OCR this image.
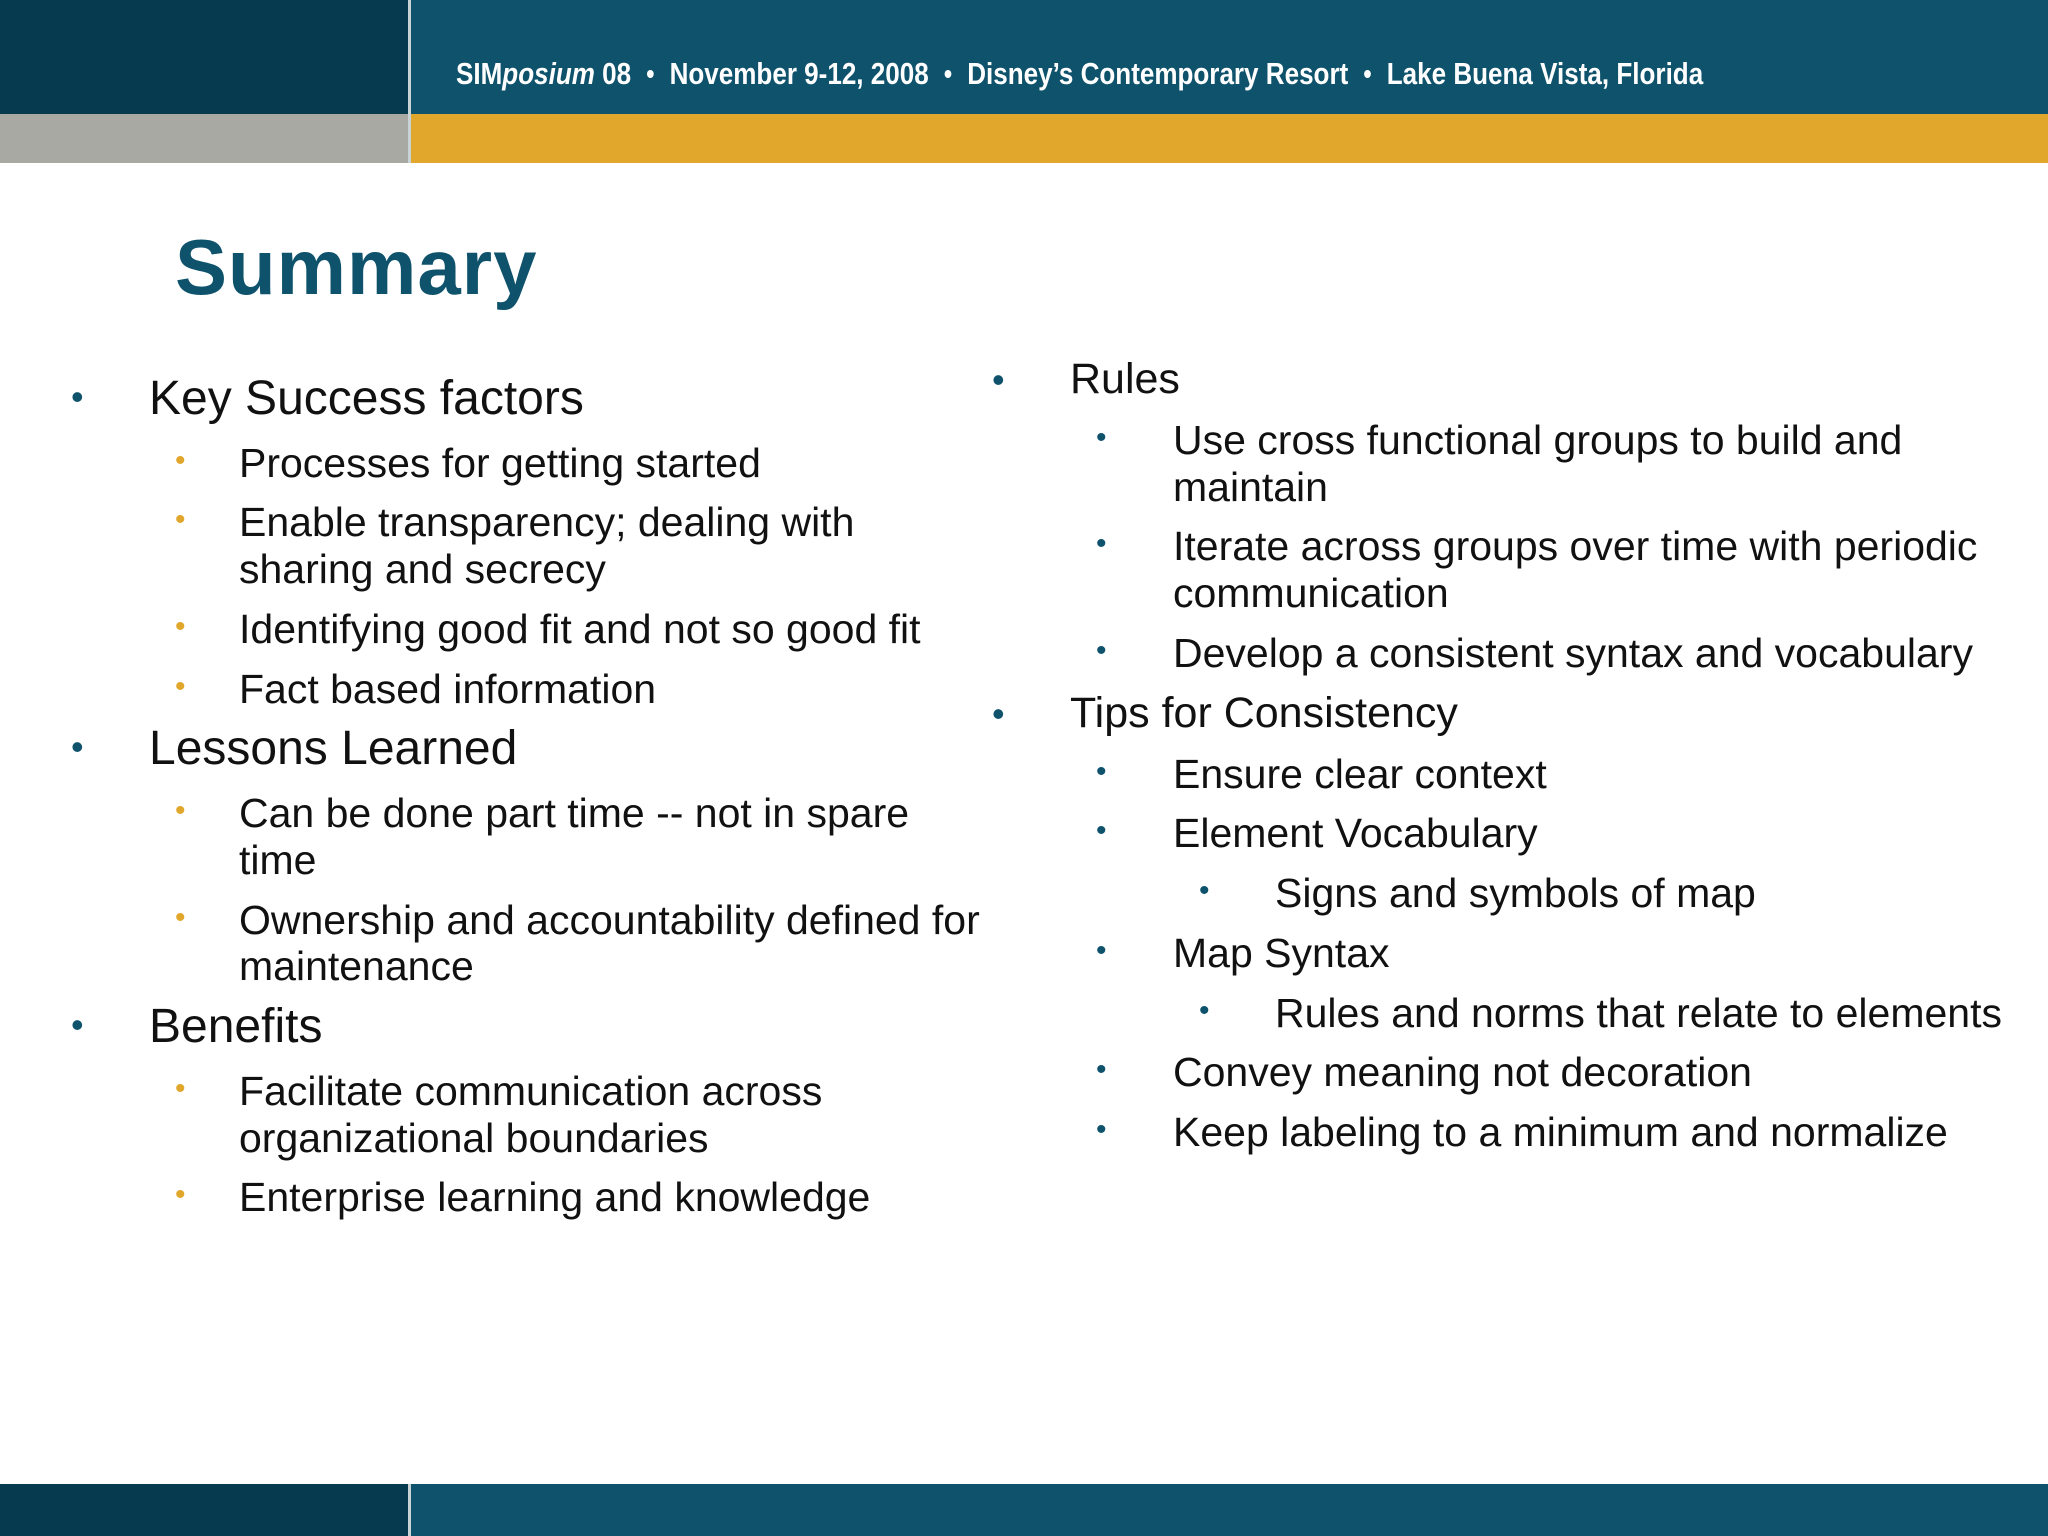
SIMposium 08 • November 9-12, 2008 • Disney’s Contemporary Resort • Lake Buena Vista, Florida
Summary
• Key Success factors
• Processes for getting started
• Enable transparency; dealing with sharing and secrecy
• Identifying good fit and not so good fit
• Fact based information
• Lessons Learned
• Can be done part time -- not in spare time
• Ownership and accountability defined for maintenance
• Benefits
• Facilitate communication across organizational boundaries
• Enterprise learning and knowledge
• Rules
• Use cross functional groups to build and maintain
• Iterate across groups over time with periodic communication
• Develop a consistent syntax and vocabulary
• Tips for Consistency
• Ensure clear context
• Element Vocabulary
• Signs and symbols of map
• Map Syntax
• Rules and norms that relate to elements
• Convey meaning not decoration
• Keep labeling to a minimum and normalize
